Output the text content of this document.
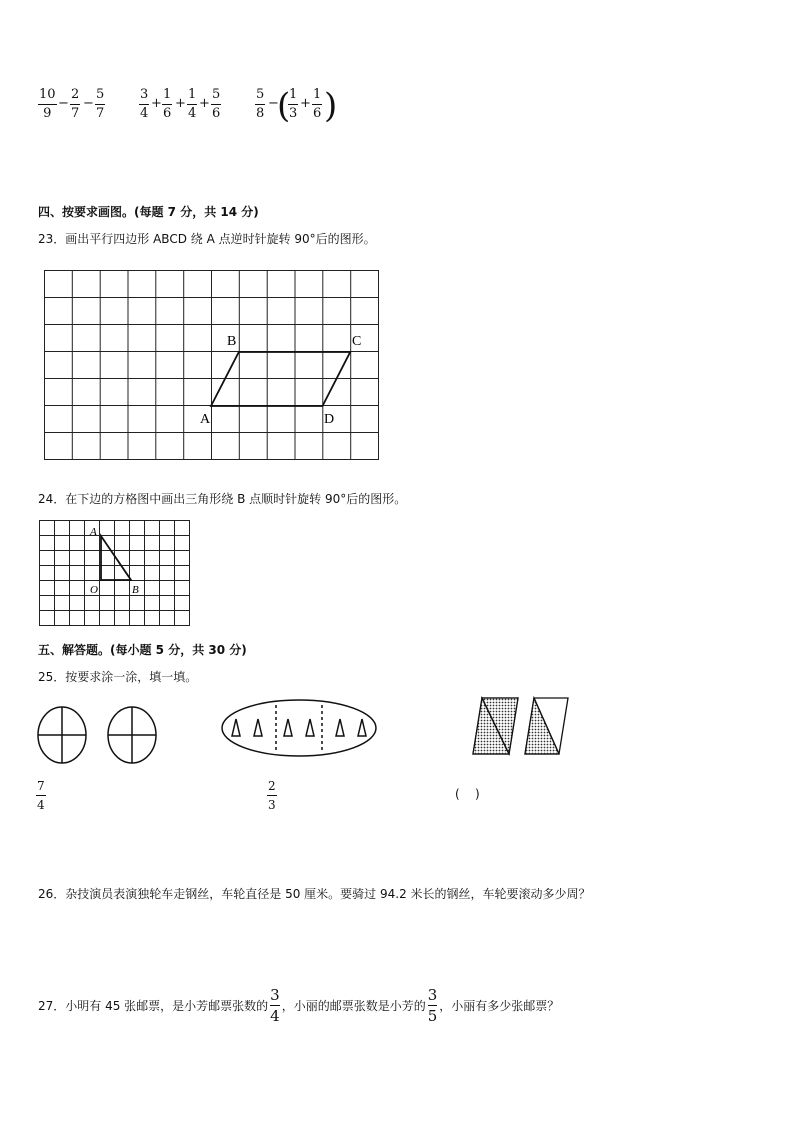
10
9
−
2
7
−
5
7
3
4
+
1
6
+
1
4
+
5
6
5
8
−
(
1
3
+
1
6 )
四、按要求画图。(每题 7 分，共 14 分)
23．画出平行四边形 ABCD 绕 A 点逆时针旋转 90°后的图形。
B	C
A	D
24．在下边的方格图中画出三角形绕 B 点顺时针旋转 90°后的图形。
A
O	B
五、解答题。(每小题 5 分，共 30 分)
25．按要求涂一涂，填一填。
7
4
2
3
(    )
26．杂技演员表演独轮车走钢丝，车轮直径是 50 厘米。要骑过 94.2 米长的钢丝，车轮要滚动多少周？
27．小明有 45 张邮票，是小芳邮票张数的
3
4
，小丽的邮票张数是小芳的
3
5
，小丽有多少张邮票？
